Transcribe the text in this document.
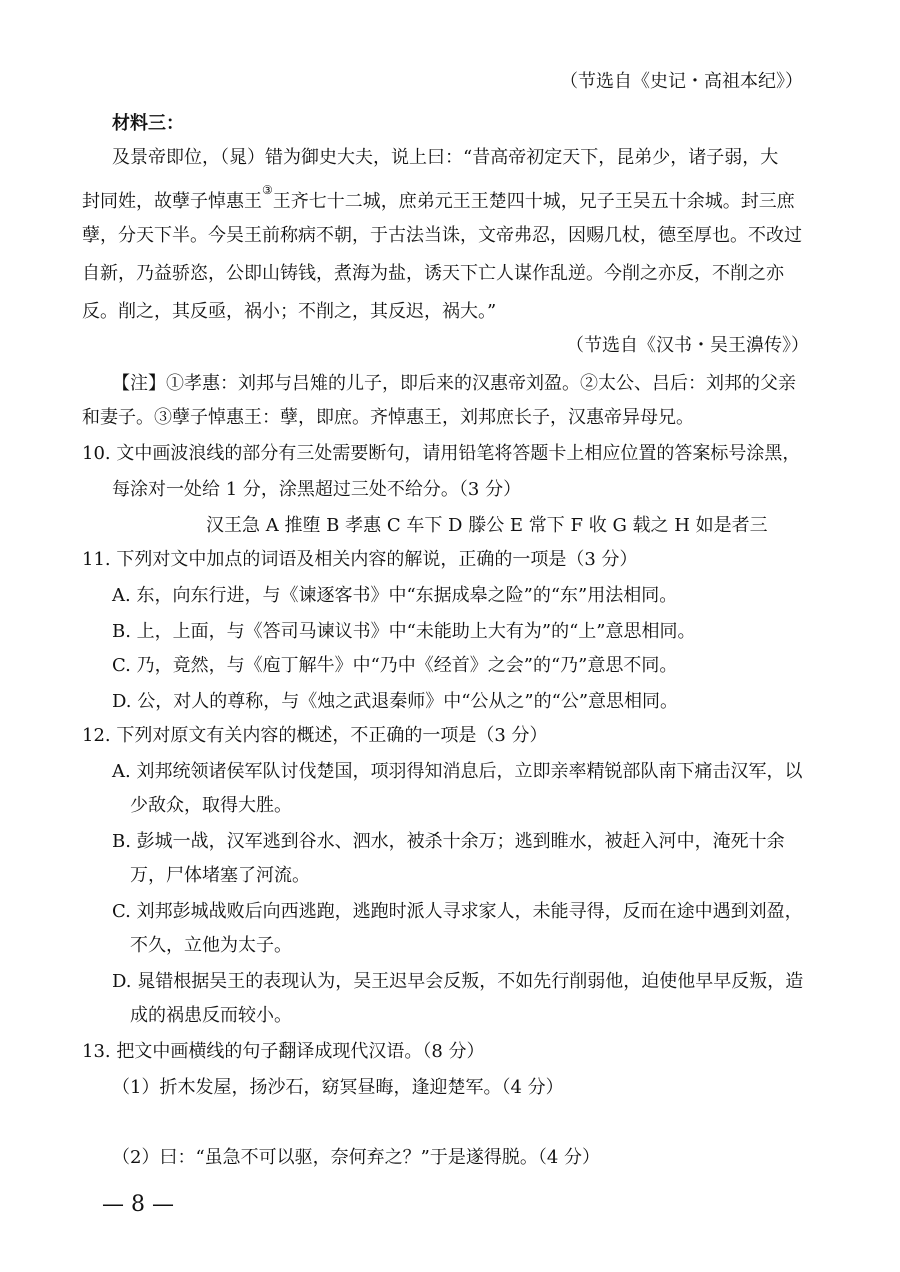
（节选自《史记・高祖本纪》）
材料三：
及景帝即位，（晁）错为御史大夫，说上曰：“昔高帝初定天下，昆弟少，诸子弱，大
封同姓，故孽子悼惠王③王齐七十二城，庶弟元王王楚四十城，兄子王吴五十余城。封三庶
孽，分天下半。今吴王前称病不朝，于古法当诛，文帝弗忍，因赐几杖，德至厚也。不改过
自新，乃益骄恣，公即山铸钱，煮海为盐，诱天下亡人谋作乱逆。今削之亦反，不削之亦
反。削之，其反亟，祸小；不削之，其反迟，祸大。”
（节选自《汉书・吴王濞传》）
【注】①孝惠：刘邦与吕雉的儿子，即后来的汉惠帝刘盈。②太公、吕后：刘邦的父亲
和妻子。③孽子悼惠王：孽，即庶。齐悼惠王，刘邦庶长子，汉惠帝异母兄。
10. 文中画波浪线的部分有三处需要断句，请用铅笔将答题卡上相应位置的答案标号涂黑，
每涂对一处给 1 分，涂黑超过三处不给分。（3 分）
汉王急 A 推堕 B 孝惠 C 车下 D 滕公 E 常下 F 收 G 载之 H 如是者三
11. 下列对文中加点的词语及相关内容的解说，正确的一项是（3 分）
A. 东，向东行进，与《谏逐客书》中“东据成皋之险”的“东”用法相同。
B. 上，上面，与《答司马谏议书》中“未能助上大有为”的“上”意思相同。
C. 乃，竟然，与《庖丁解牛》中“乃中《经首》之会”的“乃”意思不同。
D. 公，对人的尊称，与《烛之武退秦师》中“公从之”的“公”意思相同。
12. 下列对原文有关内容的概述，不正确的一项是（3 分）
A. 刘邦统领诸侯军队讨伐楚国，项羽得知消息后，立即亲率精锐部队南下痛击汉军，以
少敌众，取得大胜。
B. 彭城一战，汉军逃到谷水、泗水，被杀十余万；逃到睢水，被赶入河中，淹死十余
万，尸体堵塞了河流。
C. 刘邦彭城战败后向西逃跑，逃跑时派人寻求家人，未能寻得，反而在途中遇到刘盈，
不久，立他为太子。
D. 晁错根据吴王的表现认为，吴王迟早会反叛，不如先行削弱他，迫使他早早反叛，造
成的祸患反而较小。
13. 把文中画横线的句子翻译成现代汉语。（8 分）
（1）折木发屋，扬沙石，窈冥昼晦，逢迎楚军。（4 分）
（2）曰：“虽急不可以驱，奈何弃之？”于是遂得脱。（4 分）
— 8 —
